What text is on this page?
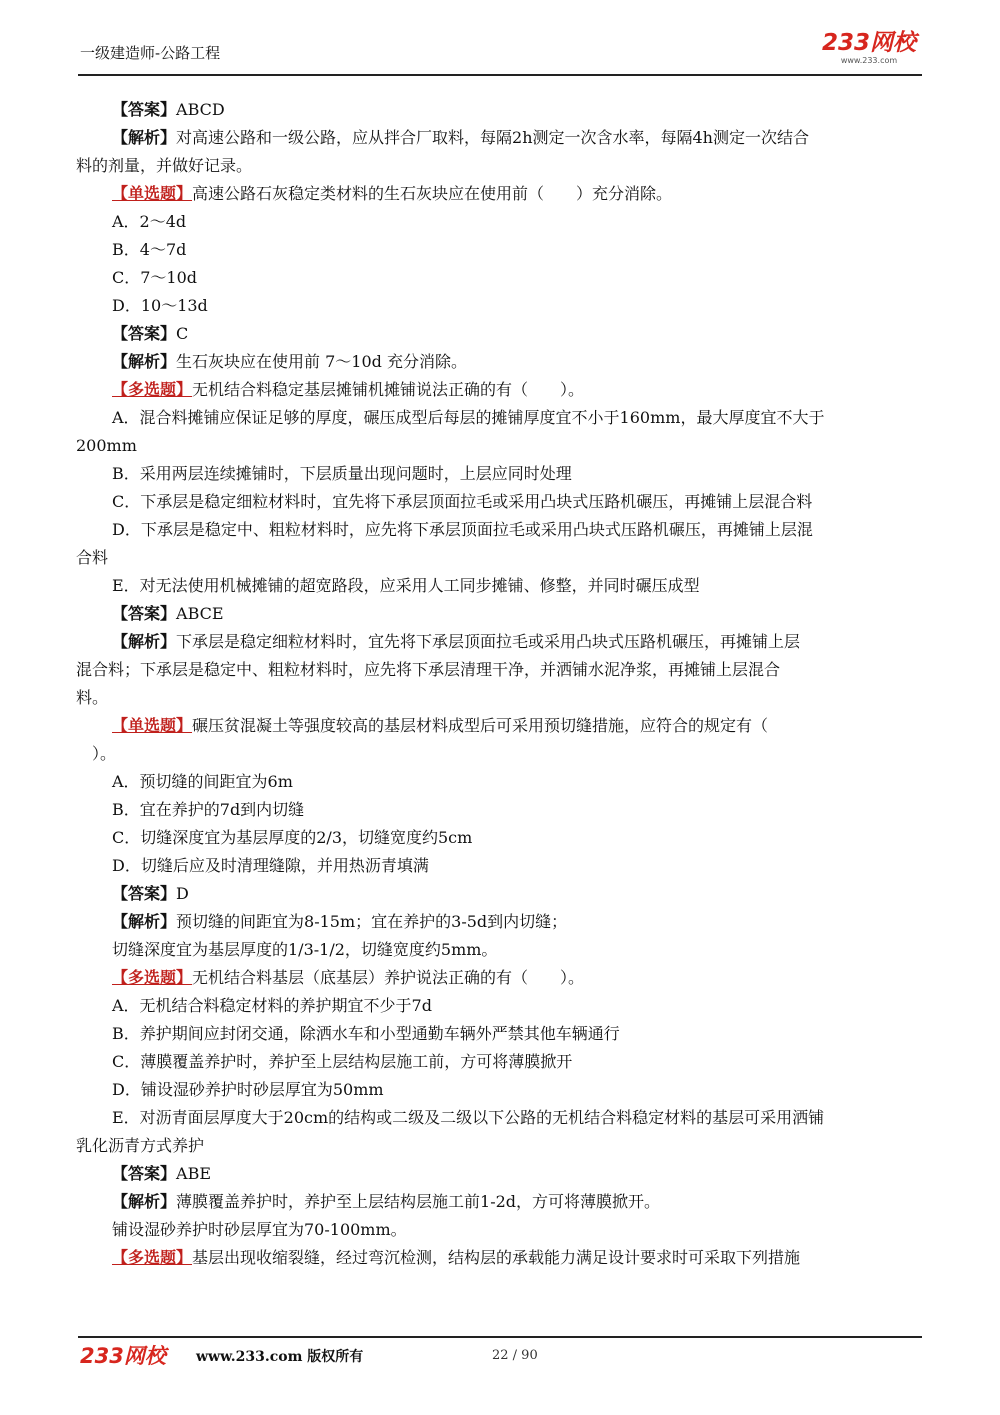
一级建造师-公路工程	233网校
www.233.com
【答案】ABCD
【解析】对高速公路和一级公路，应从拌合厂取料，每隔2h测定一次含水率，每隔4h测定一次结合
料的剂量，并做好记录。
【单选题】高速公路石灰稳定类材料的生石灰块应在使用前（　　）充分消除。
A．2～4d
B．4～7d
C．7～10d
D．10～13d
【答案】C
【解析】生石灰块应在使用前 7～10d 充分消除。
【多选题】无机结合料稳定基层摊铺机摊铺说法正确的有（　　）。
A．混合料摊铺应保证足够的厚度，碾压成型后每层的摊铺厚度宜不小于160mm，最大厚度宜不大于
200mm
B．采用两层连续摊铺时，下层质量出现问题时，上层应同时处理
C．下承层是稳定细粒材料时，宜先将下承层顶面拉毛或采用凸块式压路机碾压，再摊铺上层混合料
D．下承层是稳定中、粗粒材料时，应先将下承层顶面拉毛或采用凸块式压路机碾压，再摊铺上层混
合料
E．对无法使用机械摊铺的超宽路段，应采用人工同步摊铺、修整，并同时碾压成型
【答案】ABCE
【解析】下承层是稳定细粒材料时，宜先将下承层顶面拉毛或采用凸块式压路机碾压，再摊铺上层
混合料；下承层是稳定中、粗粒材料时，应先将下承层清理干净，并洒铺水泥净浆，再摊铺上层混合
料。
【单选题】碾压贫混凝土等强度较高的基层材料成型后可采用预切缝措施，应符合的规定有（
　）。
A．预切缝的间距宜为6m
B．宜在养护的7d到内切缝
C．切缝深度宜为基层厚度的2/3，切缝宽度约5cm
D．切缝后应及时清理缝隙，并用热沥青填满
【答案】D
【解析】预切缝的间距宜为8-15m；宜在养护的3-5d到内切缝；
切缝深度宜为基层厚度的1/3-1/2，切缝宽度约5mm。
【多选题】无机结合料基层（底基层）养护说法正确的有（　　）。
A．无机结合料稳定材料的养护期宜不少于7d
B．养护期间应封闭交通，除洒水车和小型通勤车辆外严禁其他车辆通行
C．薄膜覆盖养护时，养护至上层结构层施工前，方可将薄膜掀开
D．铺设湿砂养护时砂层厚宜为50mm
E．对沥青面层厚度大于20cm的结构或二级及二级以下公路的无机结合料稳定材料的基层可采用洒铺
乳化沥青方式养护
【答案】ABE
【解析】薄膜覆盖养护时，养护至上层结构层施工前1-2d，方可将薄膜掀开。
铺设湿砂养护时砂层厚宜为70-100mm。
【多选题】基层出现收缩裂缝，经过弯沉检测，结构层的承载能力满足设计要求时可采取下列措施
233网校 www.233.com 版权所有	22 / 90
